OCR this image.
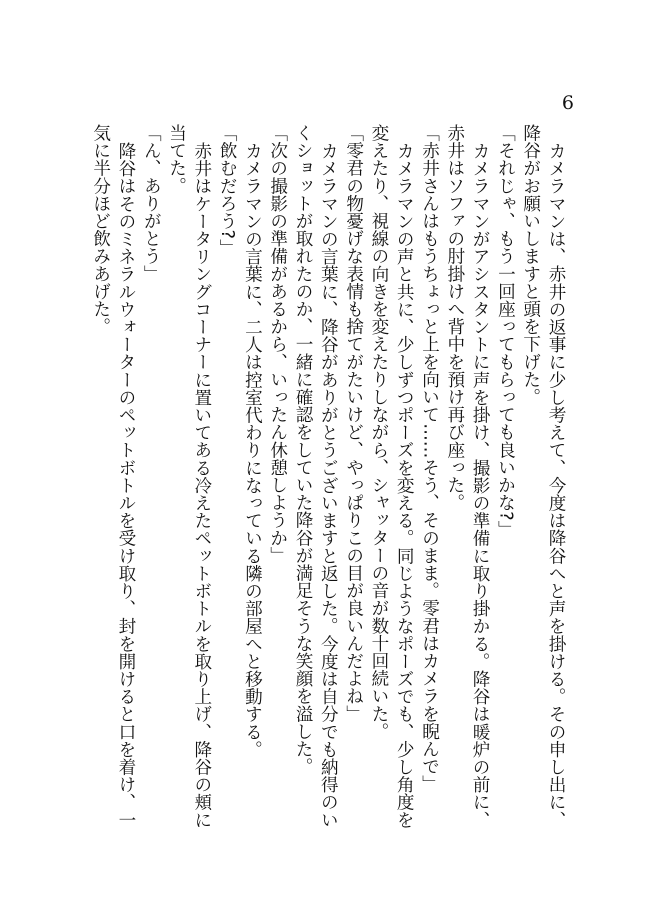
6

カメラマンは、赤井の返事に少し考えて、今度は降谷へと声を掛ける。その申し出に、降谷がお願いしますと頭を下げた。

「それじゃ、もう一回座ってもらっても良いかな?」

カメラマンがアシスタントに声を掛け、撮影の準備に取り掛かる。降谷は暖炉の前に、赤井はソファの肘掛けへ背中を預け再び座った。

「赤井さんはもうちょっと上を向いて……そう、そのまま。零君はカメラを睨んで」

カメラマンの声と共に、少しずつポーズを変える。同じようなポーズでも、少し角度を変えたり、視線の向きを変えたりしながら、シャッターの音が数十回続いた。

「零君の物憂げな表情も捨てがたいけど、やっぱりこの目が良いんだよね」

カメラマンの言葉に、降谷がありがとうございますと返した。今度は自分でも納得のいくショットが取れたのか、一緒に確認をしていた降谷が満足そうな笑顔を溢した。

「次の撮影の準備があるから、いったん休憩しようか」

カメラマンの言葉に、二人は控室代わりになっている隣の部屋へと移動する。

「飲むだろう?」

赤井はケータリングコーナーに置いてある冷えたペットボトルを取り上げ、降谷の頬に当てた。

「ん、ありがとう」

降谷はそのミネラルウォーターのペットボトルを受け取り、封を開けると口を着け、一気に半分ほど飲みあげた。
